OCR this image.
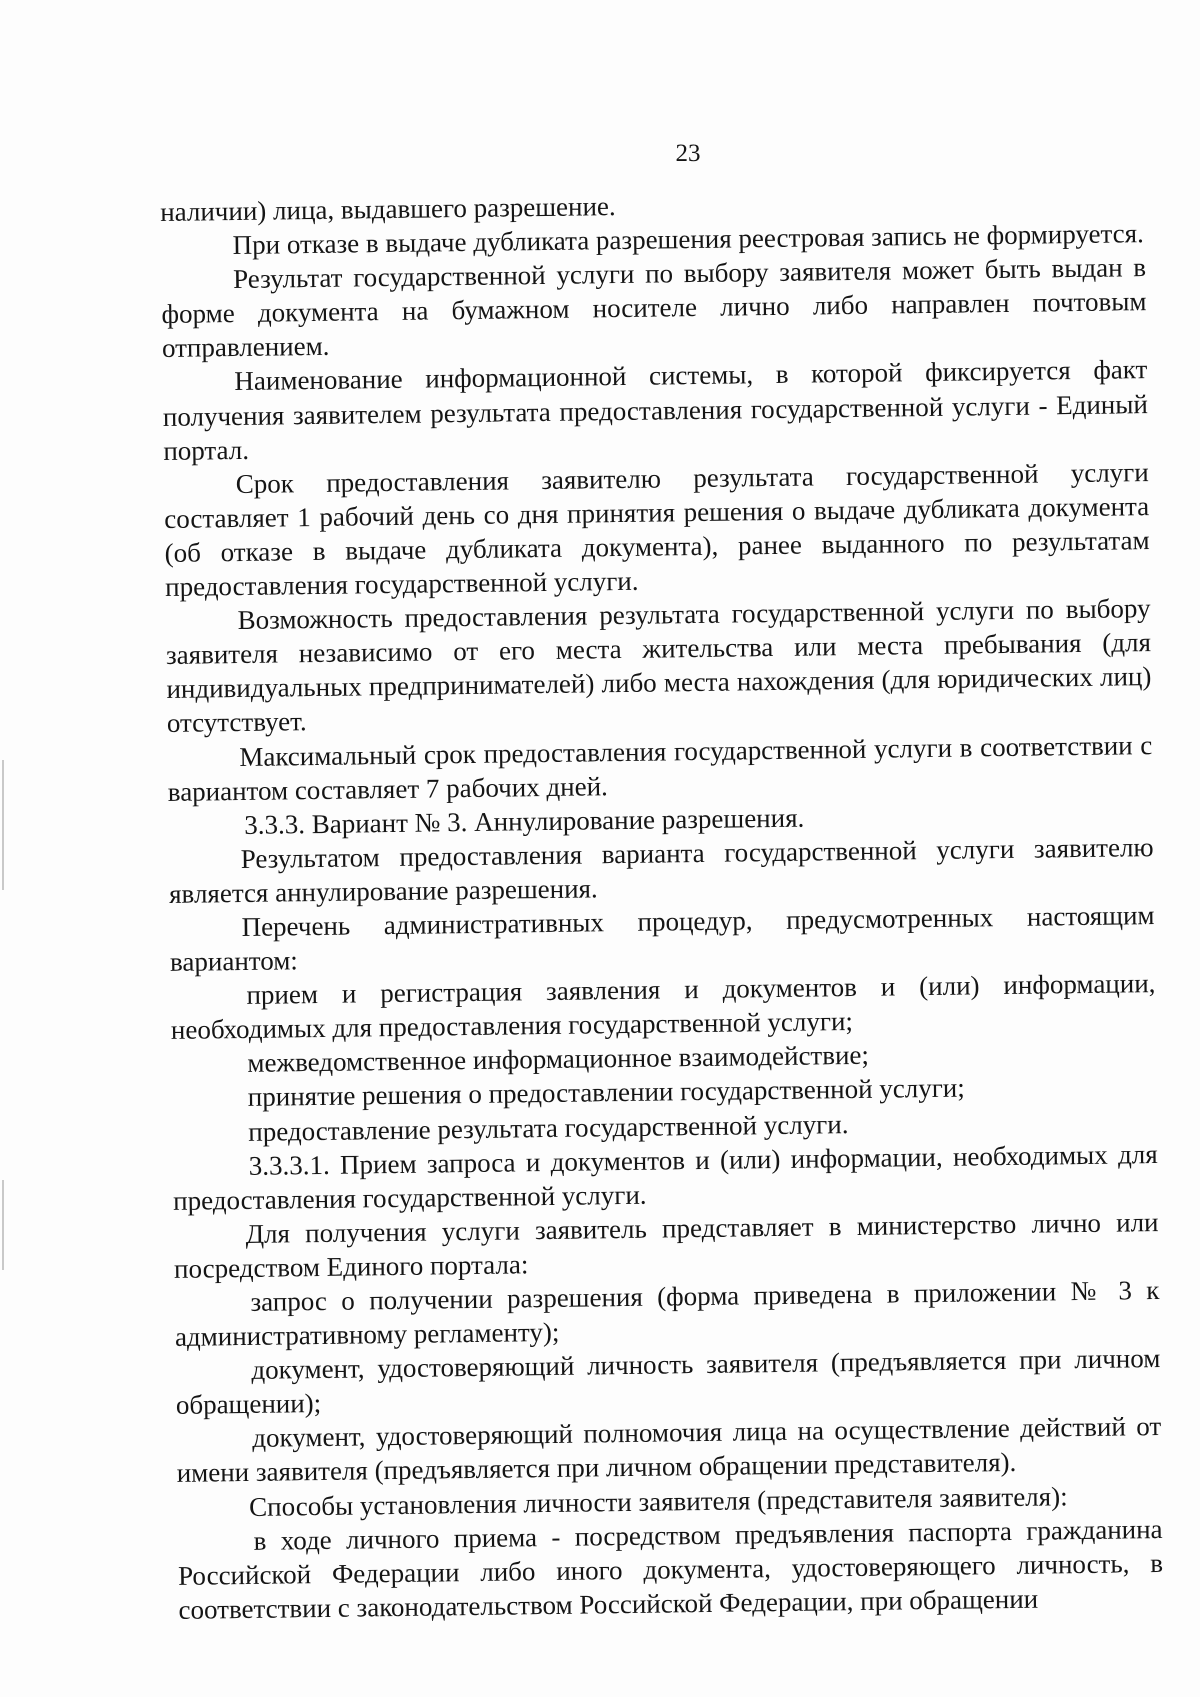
23

наличии) лица, выдавшего разрешение.

При отказе в выдаче дубликата разрешения реестровая запись не формируется.

Результат государственной услуги по выбору заявителя может быть выдан в форме документа на бумажном носителе лично либо направлен почтовым отправлением.

Наименование информационной системы, в которой фиксируется факт получения заявителем результата предоставления государственной услуги - Единый портал.

Срок предоставления заявителю результата государственной услуги составляет 1 рабочий день со дня принятия решения о выдаче дубликата документа (об отказе в выдаче дубликата документа), ранее выданного по результатам предоставления государственной услуги.

Возможность предоставления результата государственной услуги по выбору заявителя независимо от его места жительства или места пребывания (для индивидуальных предпринимателей) либо места нахождения (для юридических лиц) отсутствует.

Максимальный срок предоставления государственной услуги в соответствии с вариантом составляет 7 рабочих дней.

3.3.3. Вариант № 3. Аннулирование разрешения.

Результатом предоставления варианта государственной услуги заявителю является аннулирование разрешения.

Перечень административных процедур, предусмотренных настоящим вариантом:

прием и регистрация заявления и документов и (или) информации, необходимых для предоставления государственной услуги;

межведомственное информационное взаимодействие;

принятие решения о предоставлении государственной услуги;

предоставление результата государственной услуги.

3.3.3.1. Прием запроса и документов и (или) информации, необходимых для предоставления государственной услуги.

Для получения услуги заявитель представляет в министерство лично или посредством Единого портала:

запрос о получении разрешения (форма приведена в приложении № 3 к административному регламенту);

документ, удостоверяющий личность заявителя (предъявляется при личном обращении);

документ, удостоверяющий полномочия лица на осуществление действий от имени заявителя (предъявляется при личном обращении представителя).

Способы установления личности заявителя (представителя заявителя):

в ходе личного приема - посредством предъявления паспорта гражданина Российской Федерации либо иного документа, удостоверяющего личность, в соответствии с законодательством Российской Федерации, при обращении
